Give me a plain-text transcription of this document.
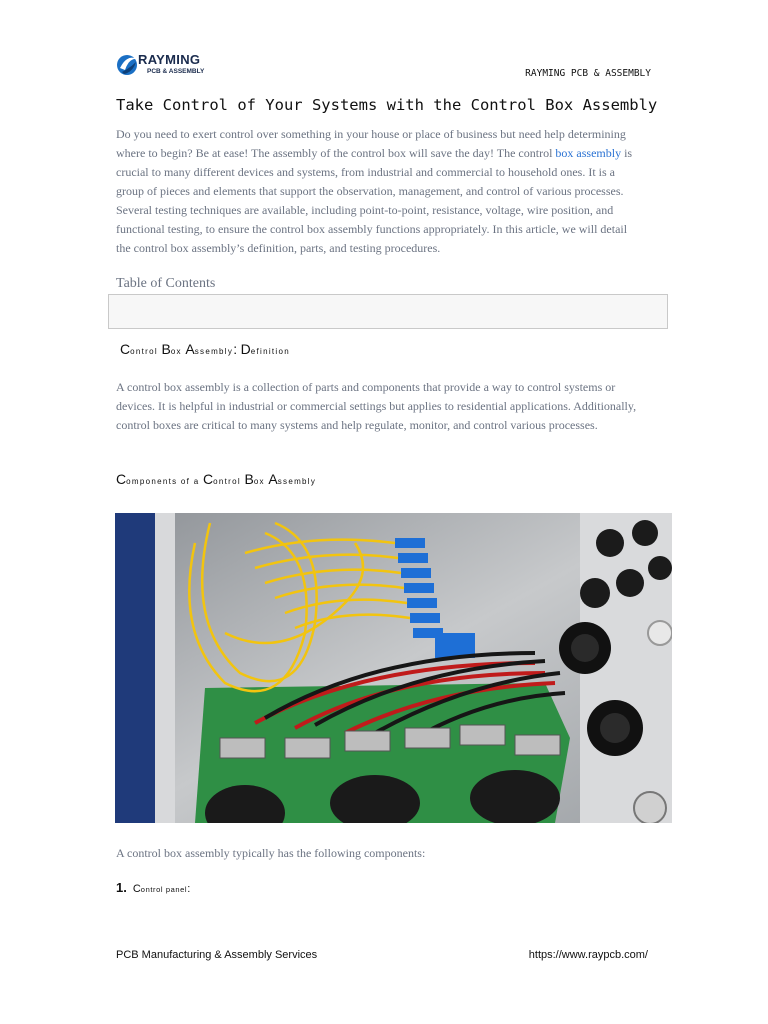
RAYMING
PCB & ASSEMBLY	RAYMING PCB & ASSEMBLY
Take Control of Your Systems with the Control Box Assembly
Do you need to exert control over something in your house or place of business but need help determining where to begin? Be at ease! The assembly of the control box will save the day! The control box assembly is crucial to many different devices and systems, from industrial and commercial to household ones. It is a group of pieces and elements that support the observation, management, and control of various processes. Several testing techniques are available, including point-to-point, resistance, voltage, wire position, and functional testing, to ensure the control box assembly functions appropriately. In this article, we will detail the control box assembly’s definition, parts, and testing procedures.
Table of Contents
Control Box Assembly: Definition
A control box assembly is a collection of parts and components that provide a way to control systems or devices. It is helpful in industrial or commercial settings but applies to residential applications. Additionally, control boxes are critical to many systems and help regulate, monitor, and control various processes.
Components of a Control Box Assembly
A control box assembly typically has the following components:
1. Control panel:
PCB Manufacturing & Assembly Services	https://www.raypcb.com/
